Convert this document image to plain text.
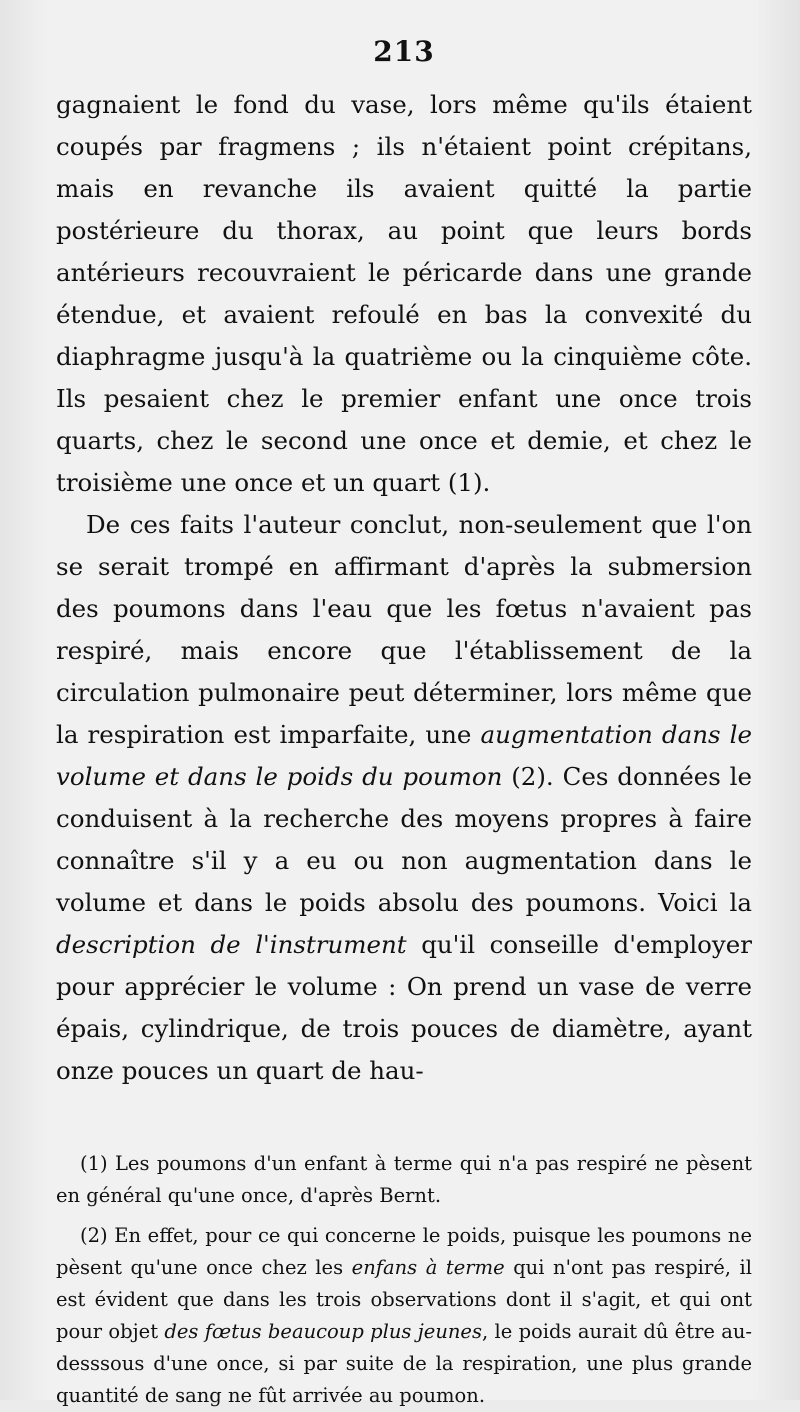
213

gagnaient le fond du vase, lors même qu'ils étaient coupés par fragmens ; ils n'étaient point crépitans, mais en revanche ils avaient quitté la partie postérieure du thorax, au point que leurs bords antérieurs recouvraient le péricarde dans une grande étendue, et avaient refoulé en bas la convexité du diaphragme jusqu'à la quatrième ou la cinquième côte. Ils pesaient chez le premier enfant une once trois quarts, chez le second une once et demie, et chez le troisième une once et un quart (1).

De ces faits l'auteur conclut, non-seulement que l'on se serait trompé en affirmant d'après la submersion des poumons dans l'eau que les fœtus n'avaient pas respiré, mais encore que l'établissement de la circulation pulmonaire peut déterminer, lors même que la respiration est imparfaite, une augmentation dans le volume et dans le poids du poumon (2). Ces données le conduisent à la recherche des moyens propres à faire connaître s'il y a eu ou non augmentation dans le volume et dans le poids absolu des poumons. Voici la description de l'instrument qu'il conseille d'employer pour apprécier le volume : On prend un vase de verre épais, cylindrique, de trois pouces de diamètre, ayant onze pouces un quart de hau-

(1) Les poumons d'un enfant à terme qui n'a pas respiré ne pèsent en général qu'une once, d'après Bernt.

(2) En effet, pour ce qui concerne le poids, puisque les poumons ne pèsent qu'une once chez les enfans à terme qui n'ont pas respiré, il est évident que dans les trois observations dont il s'agit, et qui ont pour objet des fœtus beaucoup plus jeunes, le poids aurait dû être au-desssous d'une once, si par suite de la respiration, une plus grande quantité de sang ne fût arrivée au poumon.
